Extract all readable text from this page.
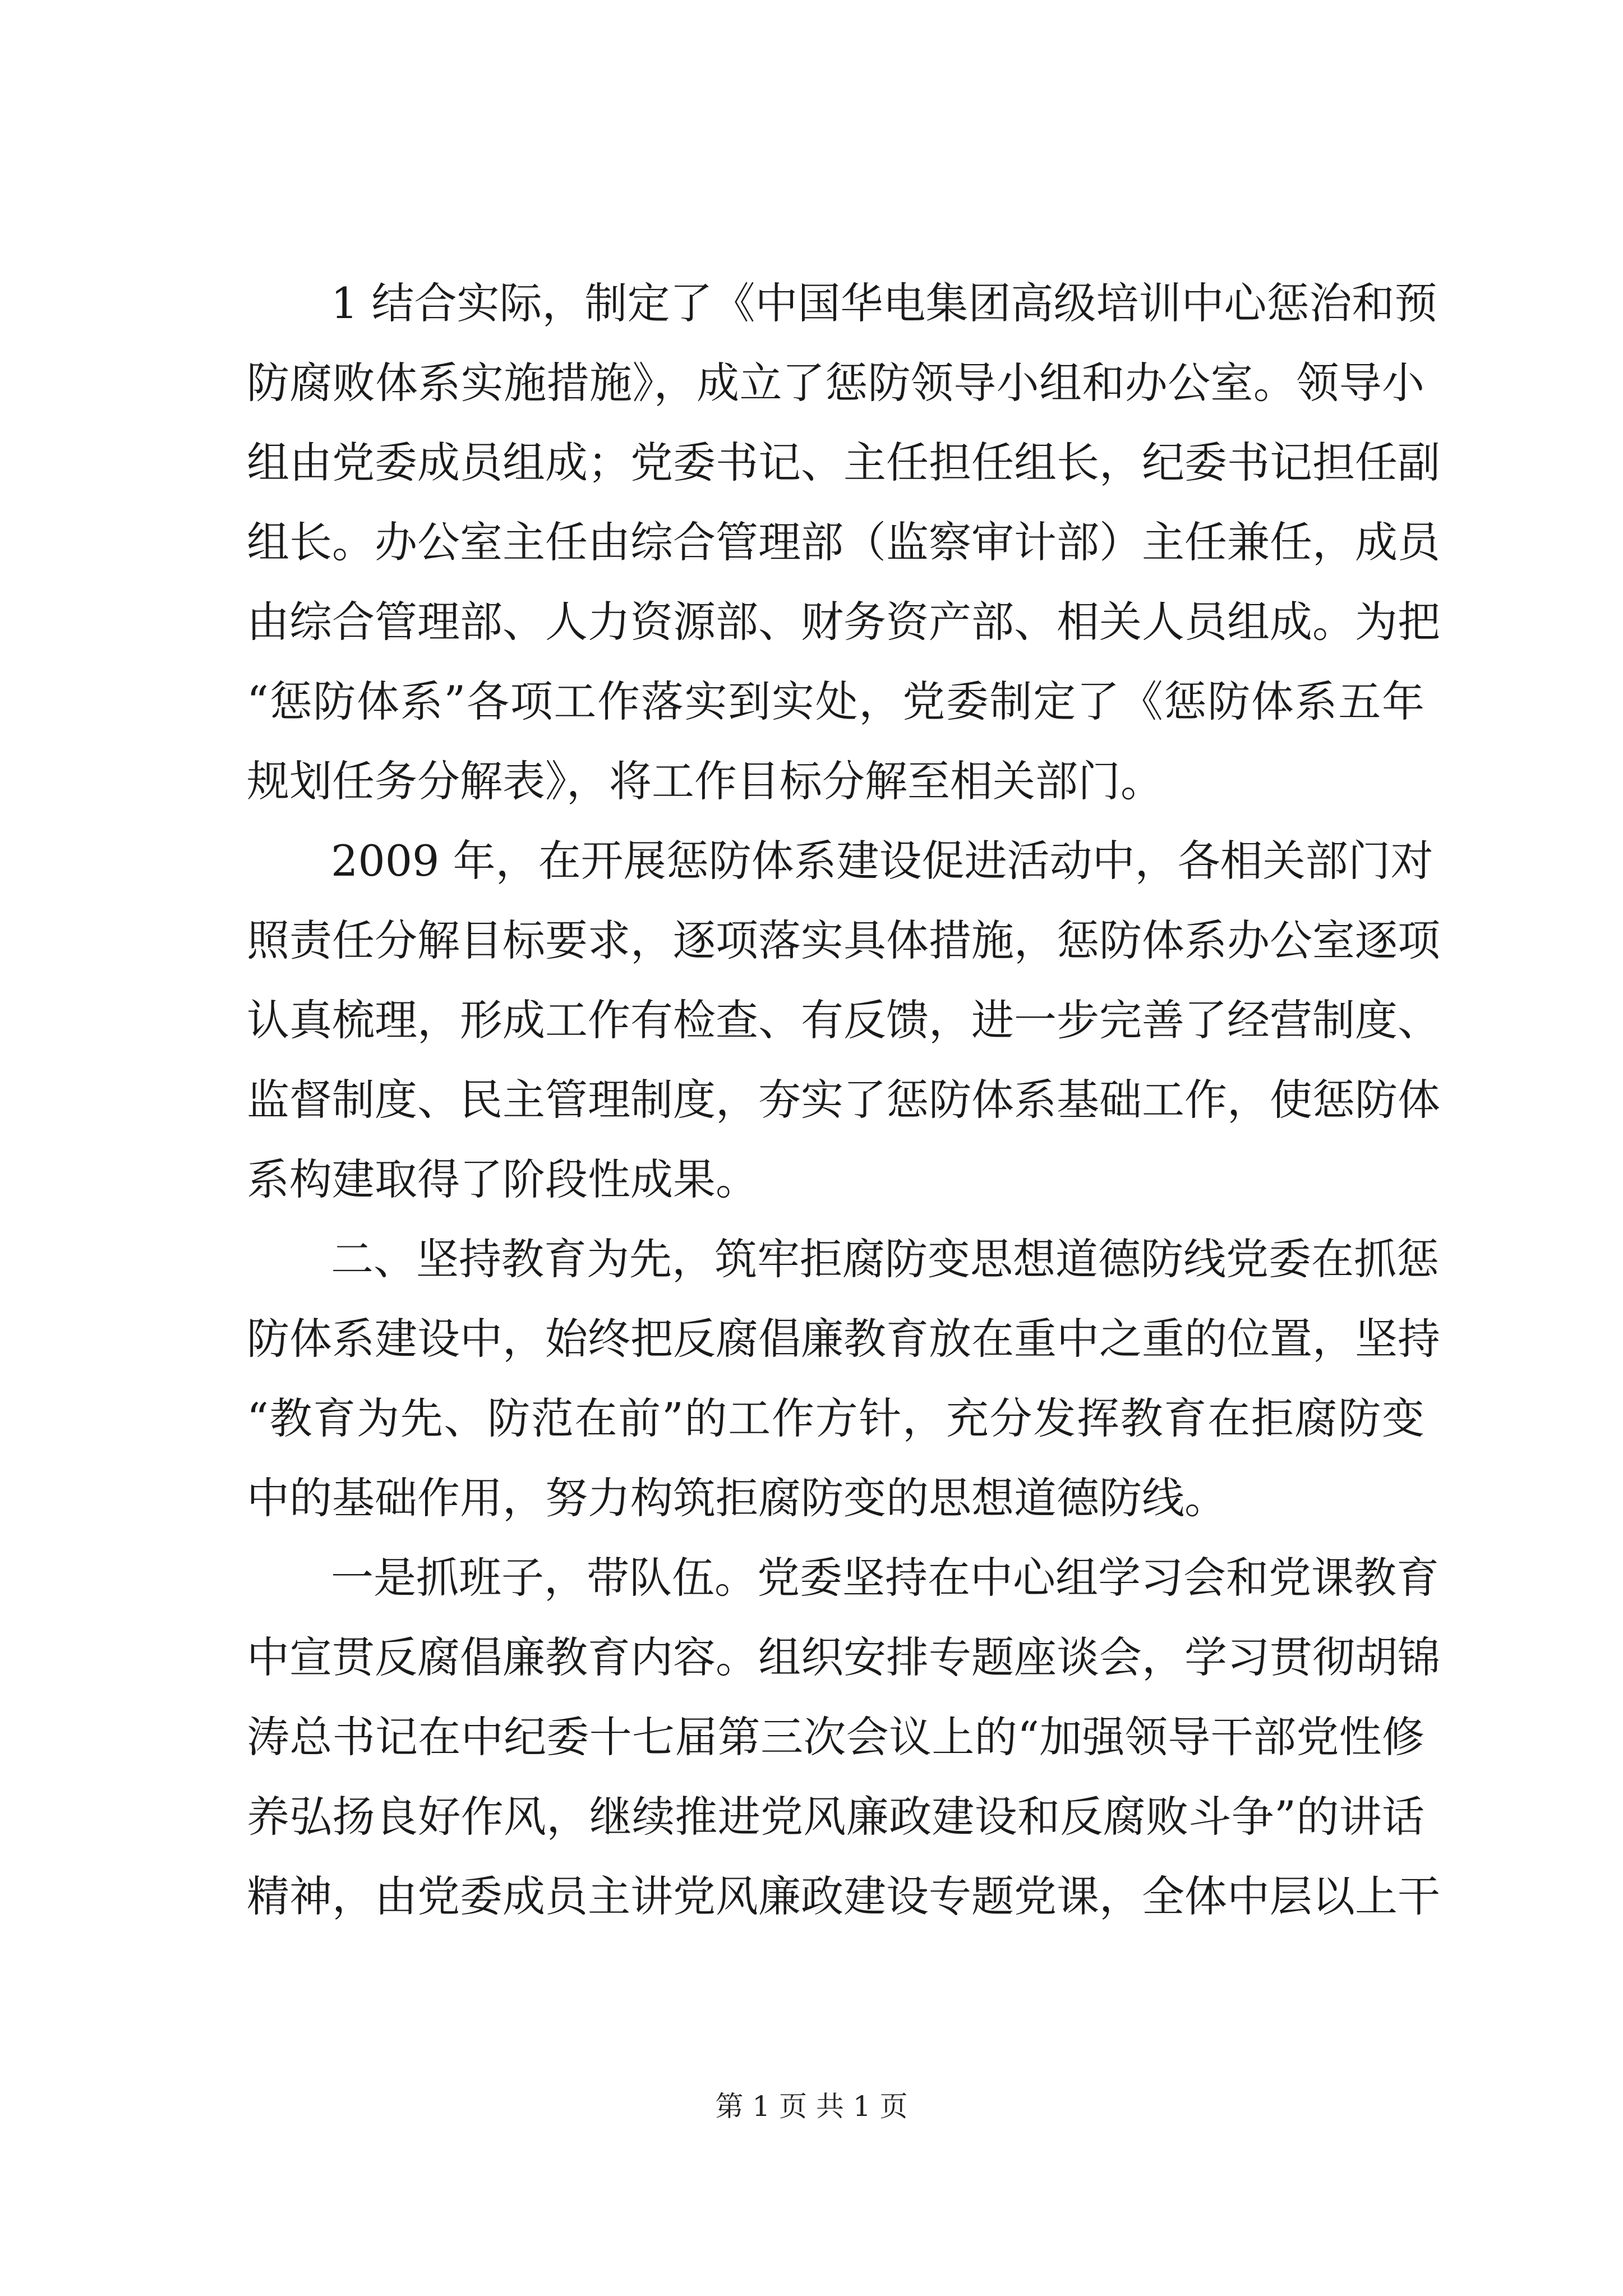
1 结合实际，制定了《中国华电集团高级培训中心惩治和预
防腐败体系实施措施》，成立了惩防领导小组和办公室。领导小
组由党委成员组成；党委书记、主任担任组长，纪委书记担任副
组长。办公室主任由综合管理部（监察审计部）主任兼任，成员
由综合管理部、人力资源部、财务资产部、相关人员组成。为把
“惩防体系”各项工作落实到实处，党委制定了《惩防体系五年
规划任务分解表》，将工作目标分解至相关部门。
2009 年，在开展惩防体系建设促进活动中，各相关部门对
照责任分解目标要求，逐项落实具体措施，惩防体系办公室逐项
认真梳理，形成工作有检查、有反馈，进一步完善了经营制度、
监督制度、民主管理制度，夯实了惩防体系基础工作，使惩防体
系构建取得了阶段性成果。
二、坚持教育为先，筑牢拒腐防变思想道德防线党委在抓惩
防体系建设中，始终把反腐倡廉教育放在重中之重的位置，坚持
“教育为先、防范在前”的工作方针，充分发挥教育在拒腐防变
中的基础作用，努力构筑拒腐防变的思想道德防线。
一是抓班子，带队伍。党委坚持在中心组学习会和党课教育
中宣贯反腐倡廉教育内容。组织安排专题座谈会，学习贯彻胡锦
涛总书记在中纪委十七届第三次会议上的“加强领导干部党性修
养弘扬良好作风，继续推进党风廉政建设和反腐败斗争”的讲话
精神，由党委成员主讲党风廉政建设专题党课，全体中层以上干
第 1 页 共 1 页
